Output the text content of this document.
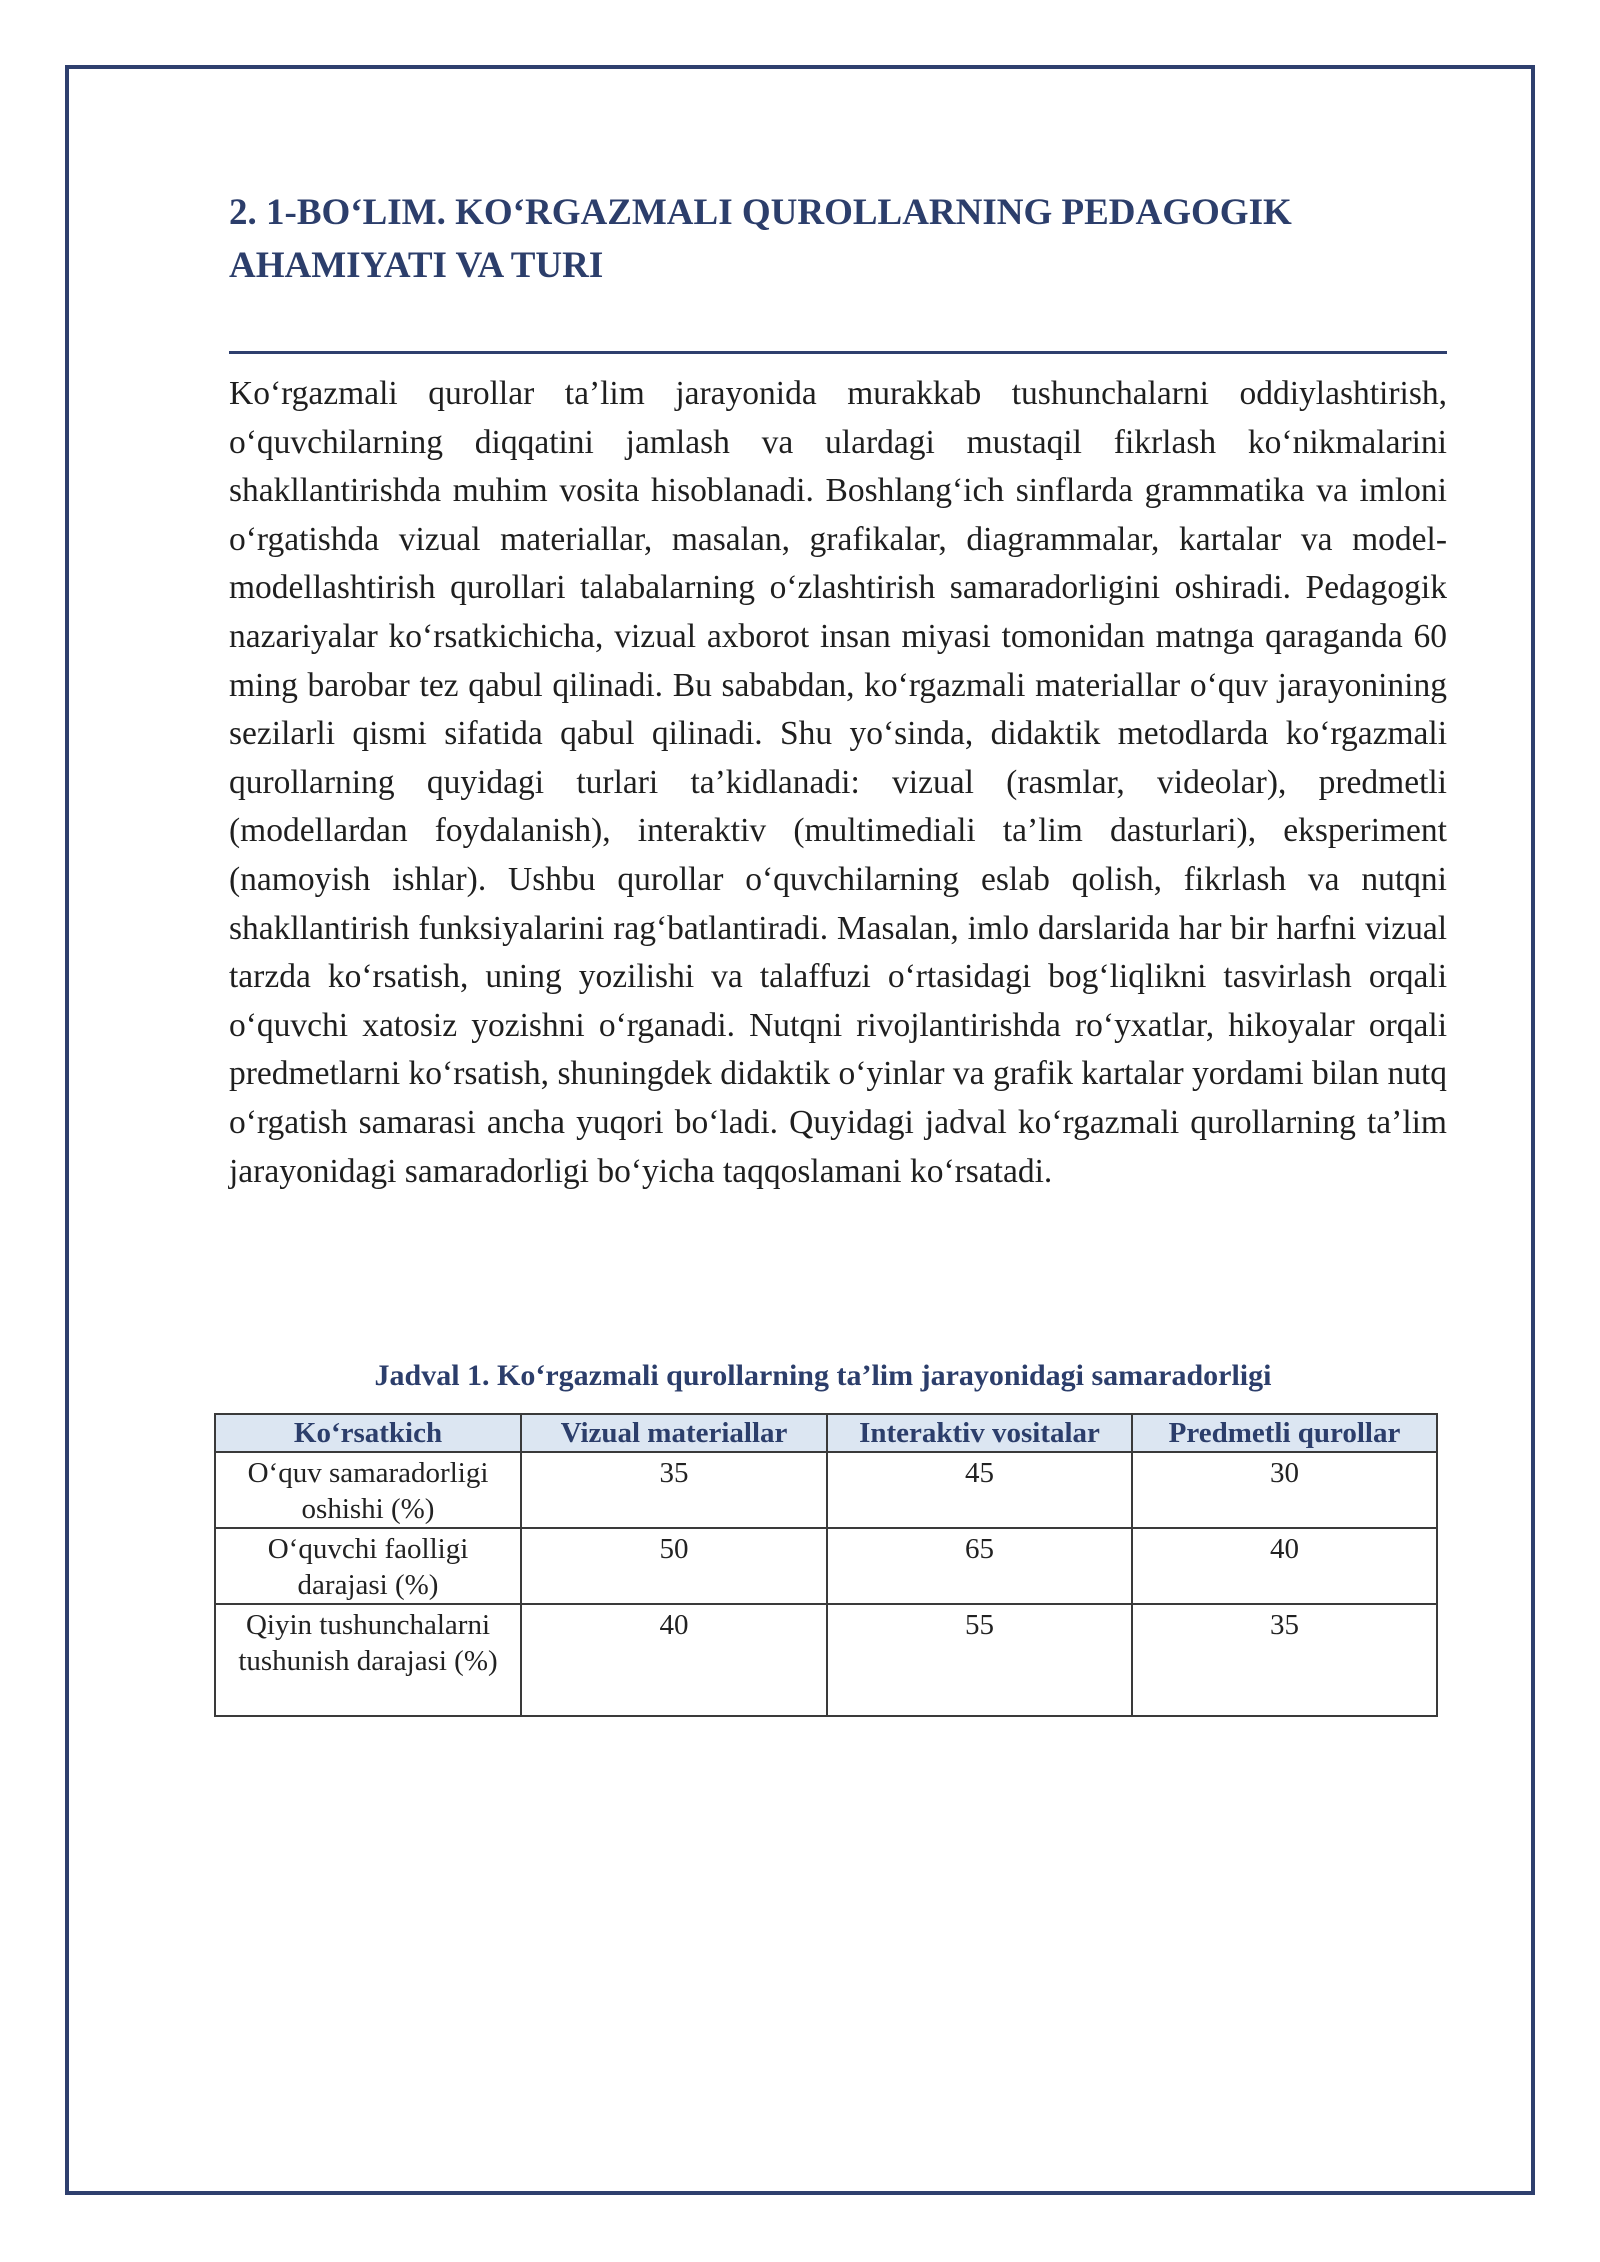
2. 1-BO‘LIM. KO‘RGAZMALI QUROLLARNING PEDAGOGIK
AHAMIYATI VA TURI

Ko‘rgazmali qurollar ta’lim jarayonida murakkab tushunchalarni oddiylashtirish, o‘quvchilarning diqqatini jamlash va ulardagi mustaqil fikrlash ko‘nikmalarini shakllantirishda muhim vosita hisoblanadi. Boshlang‘ich sinflarda grammatika va imloni o‘rgatishda vizual materiallar, masalan, grafikalar, diagrammalar, kartalar va model-modellashtirish qurollari talabalarning o‘zlashtirish samaradorligini oshiradi. Pedagogik nazariyalar ko‘rsatkichicha, vizual axborot insan miyasi tomonidan matnga qaraganda 60 ming barobar tez qabul qilinadi. Bu sababdan, ko‘rgazmali materiallar o‘quv jarayonining sezilarli qismi sifatida qabul qilinadi. Shu yo‘sinda, didaktik metodlarda ko‘rgazmali qurollarning quyidagi turlari ta’kidlanadi: vizual (rasmlar, videolar), predmetli (modellardan foydalanish), interaktiv (multimediali ta’lim dasturlari), eksperiment (namoyish ishlar). Ushbu qurollar o‘quvchilarning eslab qolish, fikrlash va nutqni shakllantirish funksiyalarini rag‘batlantiradi. Masalan, imlo darslarida har bir harfni vizual tarzda ko‘rsatish, uning yozilishi va talaffuzi o‘rtasidagi bog‘liqlikni tasvirlash orqali o‘quvchi xatosiz yozishni o‘rganadi. Nutqni rivojlantirishda ro‘yxatlar, hikoyalar orqali predmetlarni ko‘rsatish, shuningdek didaktik o‘yinlar va grafik kartalar yordami bilan nutq o‘rgatish samarasi ancha yuqori bo‘ladi. Quyidagi jadval ko‘rgazmali qurollarning ta’lim jarayonidagi samaradorligi bo‘yicha taqqoslamani ko‘rsatadi.

Jadval 1. Ko‘rgazmali qurollarning ta’lim jarayonidagi samaradorligi

Ko‘rsatkich	Vizual materiallar	Interaktiv vositalar	Predmetli qurollar
O‘quv samaradorligi oshishi (%)	35	45	30
O‘quvchi faolligi darajasi (%)	50	65	40
Qiyin tushunchalarni tushunish darajasi (%)	40	55	35
